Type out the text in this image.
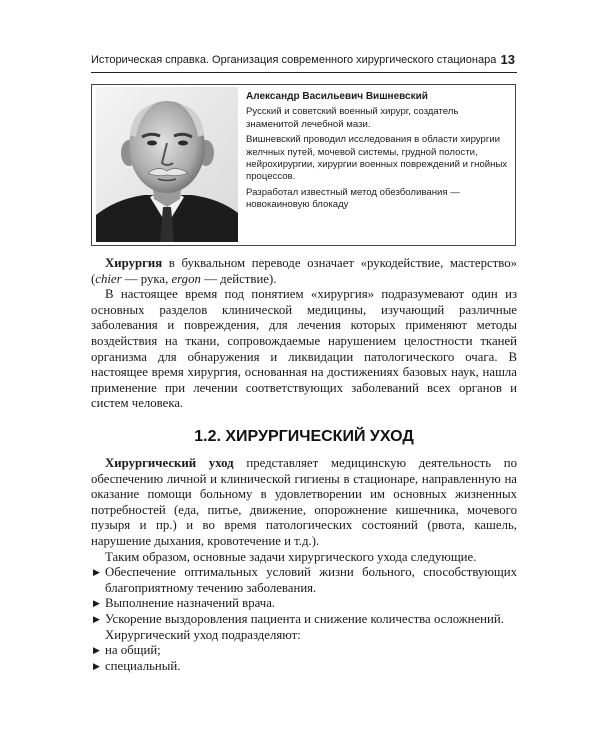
Историческая справка. Организация современного хирургического стационара 13
Александр Васильевич Вишневский

Русский и советский военный хирург, создатель знаменитой лечебной мази.

Вишневский проводил исследования в области хирургии желчных путей, мочевой системы, грудной полости, нейрохирургии, хирургии военных повреждений и гнойных процессов.

Разработал известный метод обезболивания — новокаиновую блокаду

Хирургия в буквальном переводе означает «рукодействие, мастерство» (chier — рука, ergon — действие).

В настоящее время под понятием «хирургия» подразумевают один из основных разделов клинической медицины, изучающий различные заболевания и повреждения, для лечения которых применяют методы воздействия на ткани, сопровождаемые нарушением целостности тканей организма для обнаружения и ликвидации патологического очага. В настоящее время хирургия, основанная на достижениях базовых наук, нашла применение при лечении соответствующих заболеваний всех органов и систем человека.

1.2. ХИРУРГИЧЕСКИЙ УХОД

Хирургический уход представляет медицинскую деятельность по обеспечению личной и клинической гигиены в стационаре, направленную на оказание помощи больному в удовлетворении им основных жизненных потребностей (еда, питье, движение, опорожнение кишечника, мочевого пузыря и пр.) и во время патологических состояний (рвота, кашель, нарушение дыхания, кровотечение и т.д.).

Таким образом, основные задачи хирургического ухода следующие.

▶ Обеспечение оптимальных условий жизни больного, способствующих благоприятному течению заболевания.
▶ Выполнение назначений врача.
▶ Ускорение выздоровления пациента и снижение количества осложнений.

Хирургический уход подразделяют:

▶ на общий;
▶ специальный.
